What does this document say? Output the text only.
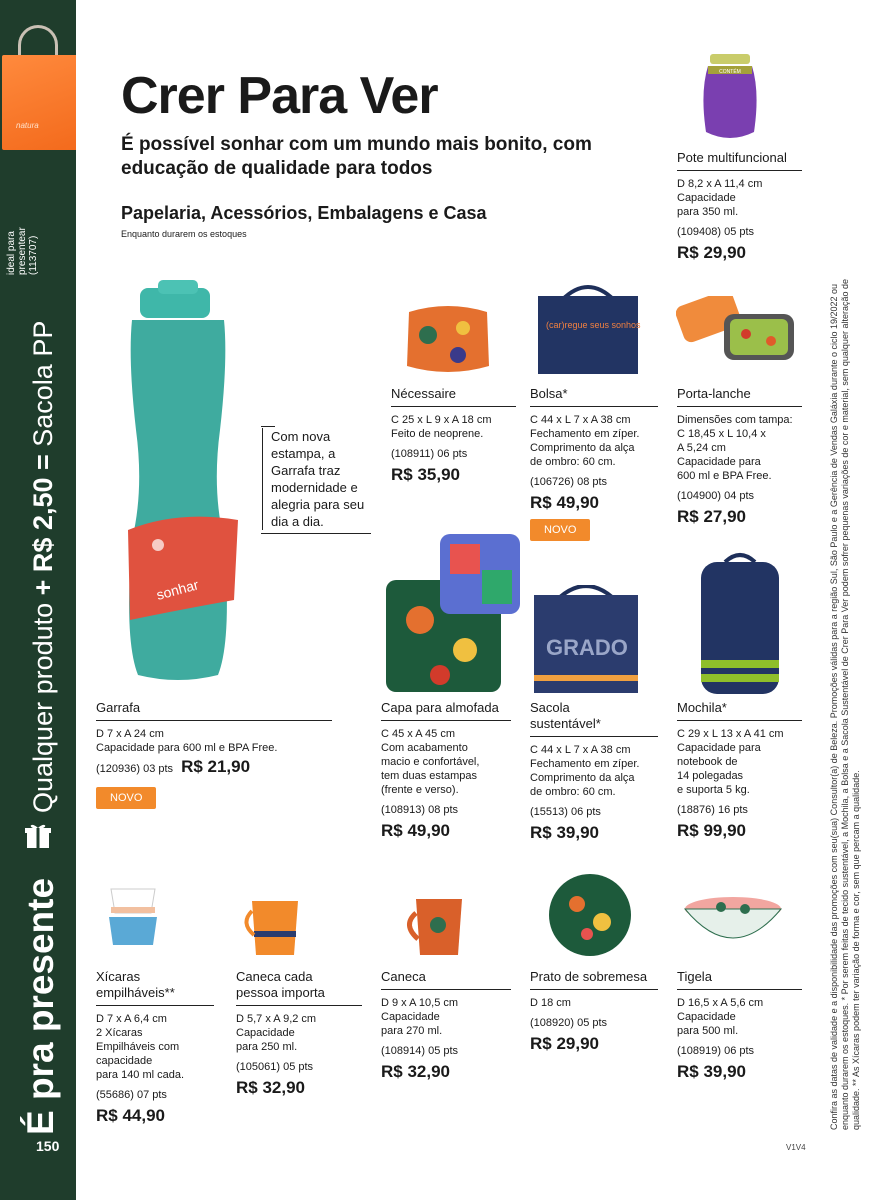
natura
ideal para presentear (113707)
Qualquer produto + R$ 2,50 = Sacola PP
É pra presente
150
Crer Para Ver
É possível sonhar com um mundo mais bonito, com educação de qualidade para todos
Papelaria, Acessórios, Embalagens e Casa
Enquanto durarem os estoques
CONTÉM
sonhar
(car)regue seus sonhos
GRADO
Com nova estampa, a Garrafa traz modernidade e alegria para seu dia a dia.
Pote multifuncional
D 8,2 x A 11,4 cm
Capacidade
para 350 ml.
(109408) 05 pts
R$ 29,90
Nécessaire
C 25 x L 9 x A 18 cm
Feito de neoprene.
(108911) 06 pts
R$ 35,90
Bolsa*
C 44 x L 7 x A 38 cm
Fechamento em zíper.
Comprimento da alça
de ombro: 60 cm.
(106726) 08 pts
R$ 49,90
NOVO
Porta-lanche
Dimensões com tampa:
C 18,45 x L 10,4 x
A 5,24 cm
Capacidade para
600 ml e BPA Free.
(104900) 04 pts
R$ 27,90
Garrafa
D 7 x A 24 cm
Capacidade para 600 ml e BPA Free.
(120936) 03 pts R$ 21,90
NOVO
Capa para almofada
C 45 x A 45 cm
Com acabamento
macio e confortável,
tem duas estampas
(frente e verso).
(108913) 08 pts
R$ 49,90
Sacola
sustentável*
C 44 x L 7 x A 38 cm
Fechamento em zíper.
Comprimento da alça
de ombro: 60 cm.
(15513) 06 pts
R$ 39,90
Mochila*
C 29 x L 13 x A 41 cm
Capacidade para
notebook de
14 polegadas
e suporta 5 kg.
(18876) 16 pts
R$ 99,90
Xícaras
empilháveis**
D 7 x A 6,4 cm
2 Xícaras
Empilháveis com
capacidade
para 140 ml cada.
(55686) 07 pts
R$ 44,90
Caneca cada
pessoa importa
D 5,7 x A 9,2 cm
Capacidade
para 250 ml.
(105061) 05 pts
R$ 32,90
Caneca
D 9 x A 10,5 cm
Capacidade
para 270 ml.
(108914) 05 pts
R$ 32,90
Prato de sobremesa
D 18 cm
(108920) 05 pts
R$ 29,90
Tigela
D 16,5 x A 5,6 cm
Capacidade
para 500 ml.
(108919) 06 pts
R$ 39,90	Confira as datas de validade e a disponibilidade das promoções com seu(sua) Consultor(a) de Beleza. Promoções válidas para a região Sul, São Paulo e a Gerência de Vendas Galáxia durante o ciclo 19/2022 ou enquanto durarem os estoques. * Por serem feitas de tecido sustentável, a Mochila, a Bolsa e a Sacola Sustentável de Crer Para Ver podem sofrer pequenas variações de cor e material, sem qualquer alteração de qualidade. ** As Xícaras podem ter variação de forma e cor, sem que percam a qualidade.
V1V4
